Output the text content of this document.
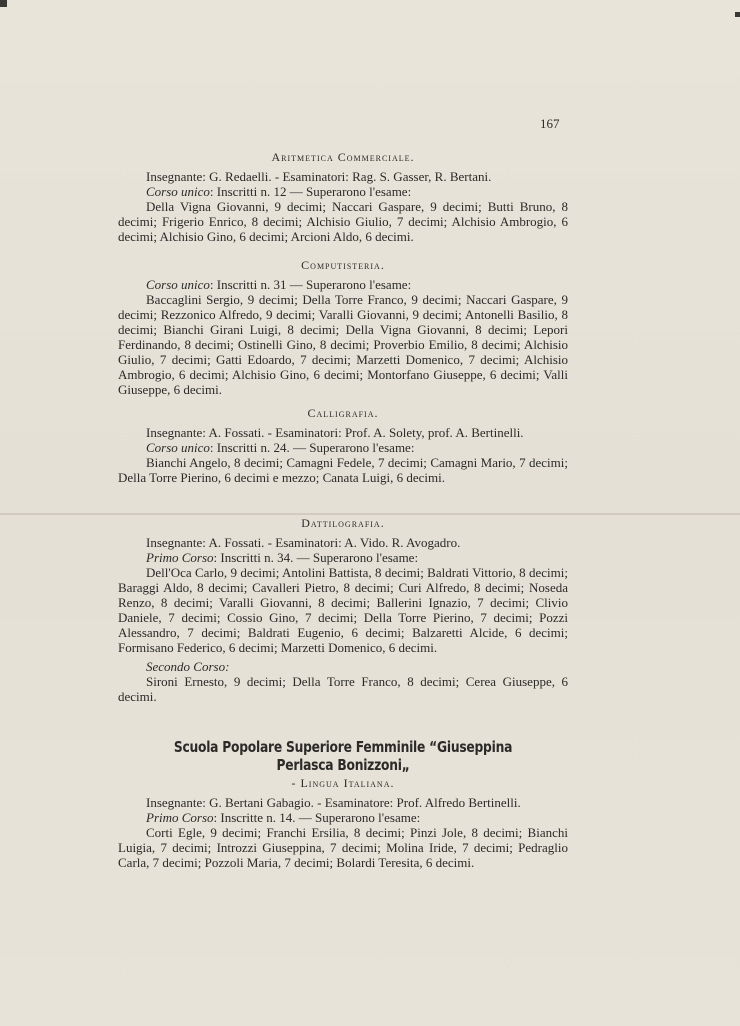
167
Aritmetica Commerciale.

Insegnante: G. Redaelli. - Esaminatori: Rag. S. Gasser, R. Bertani.

Corso unico: Inscritti n. 12 — Superarono l'esame:

Della Vigna Giovanni, 9 decimi; Naccari Gaspare, 9 decimi; Butti Bruno, 8 decimi; Frigerio Enrico, 8 decimi; Alchisio Giulio, 7 decimi; Alchisio Ambrogio, 6 decimi; Alchisio Gino, 6 decimi; Arcioni Aldo, 6 decimi.

Computisteria.

Corso unico: Inscritti n. 31 — Superarono l'esame:

Baccaglini Sergio, 9 decimi; Della Torre Franco, 9 decimi; Naccari Gaspare, 9 decimi; Rezzonico Alfredo, 9 decimi; Varalli Giovanni, 9 decimi; Antonelli Basilio, 8 decimi; Bianchi Girani Luigi, 8 decimi; Della Vigna Giovanni, 8 decimi; Lepori Ferdinando, 8 decimi; Ostinelli Gino, 8 decimi; Proverbio Emilio, 8 decimi; Alchisio Giulio, 7 decimi; Gatti Edoardo, 7 decimi; Marzetti Domenico, 7 decimi; Alchisio Ambrogio, 6 decimi; Alchisio Gino, 6 decimi; Montorfano Giuseppe, 6 decimi; Valli Giuseppe, 6 decimi.

Calligrafia.

Insegnante: A. Fossati. - Esaminatori: Prof. A. Solety, prof. A. Bertinelli.

Corso unico: Inscritti n. 24. — Superarono l'esame:

Bianchi Angelo, 8 decimi; Camagni Fedele, 7 decimi; Camagni Mario, 7 decimi; Della Torre Pierino, 6 decimi e mezzo; Canata Luigi, 6 decimi.

Dattilografia.

Insegnante: A. Fossati. - Esaminatori: A. Vido. R. Avogadro.

Primo Corso: Inscritti n. 34. — Superarono l'esame:

Dell'Oca Carlo, 9 decimi; Antolini Battista, 8 decimi; Baldrati Vittorio, 8 decimi; Baraggi Aldo, 8 decimi; Cavalleri Pietro, 8 decimi; Curi Alfredo, 8 decimi; Noseda Renzo, 8 decimi; Varalli Giovanni, 8 decimi; Ballerini Ignazio, 7 decimi; Clivio Daniele, 7 decimi; Cossio Gino, 7 decimi; Della Torre Pierino, 7 decimi; Pozzi Alessandro, 7 decimi; Baldrati Eugenio, 6 decimi; Balzaretti Alcide, 6 decimi; Formisano Federico, 6 decimi; Marzetti Domenico, 6 decimi.

Secondo Corso:

Sironi Ernesto, 9 decimi; Della Torre Franco, 8 decimi; Cerea Giuseppe, 6 decimi.

Scuola Popolare Superiore Femminile “Giuseppina Perlasca Bonizzoni„
- Lingua Italiana.

Insegnante: G. Bertani Gabagio. - Esaminatore: Prof. Alfredo Bertinelli.

Primo Corso: Inscritte n. 14. — Superarono l'esame:

Corti Egle, 9 decimi; Franchi Ersilia, 8 decimi; Pinzi Jole, 8 decimi; Bianchi Luigia, 7 decimi; Introzzi Giuseppina, 7 decimi; Molina Iride, 7 decimi; Pedraglio Carla, 7 decimi; Pozzoli Maria, 7 decimi; Bolardi Teresita, 6 decimi.
